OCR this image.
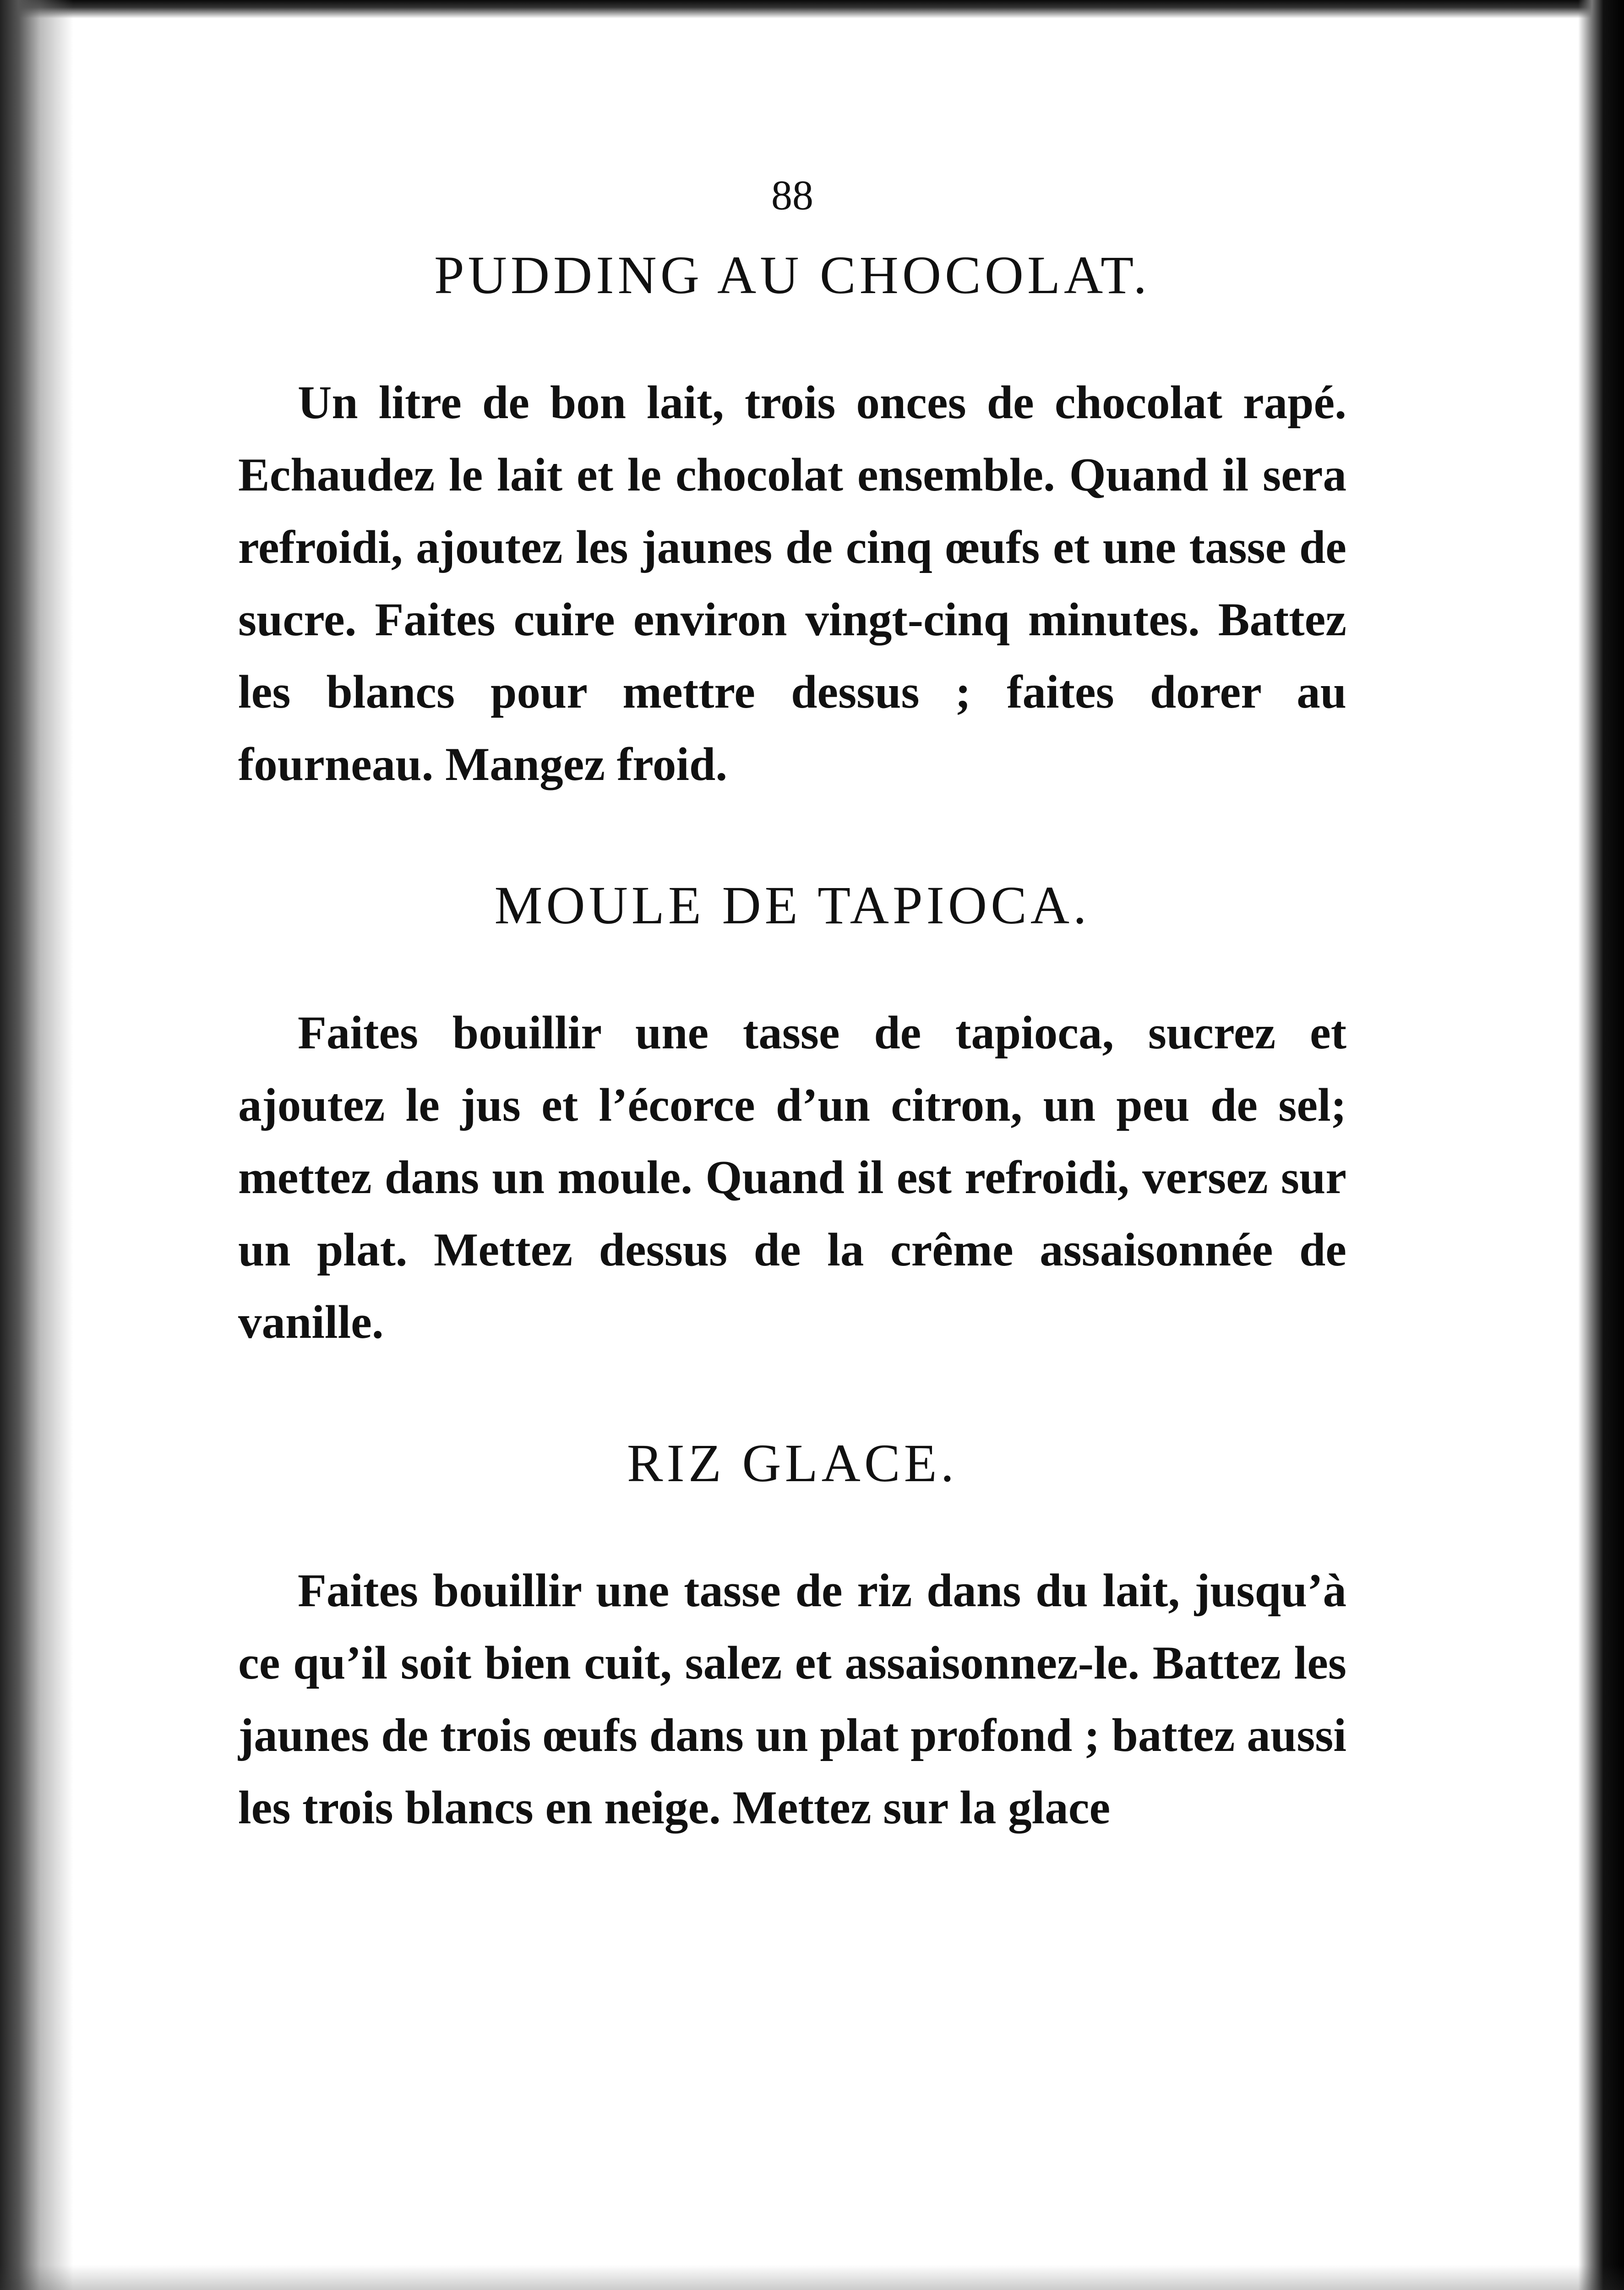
88
PUDDING AU CHOCOLAT.

Un litre de bon lait, trois onces de chocolat rapé. Echaudez le lait et le chocolat ensemble. Quand il sera refroidi, ajoutez les jaunes de cinq œufs et une tasse de sucre. Faites cuire environ vingt-cinq minutes. Battez les blancs pour mettre dessus ; faites dorer au fourneau. Mangez froid.

MOULE DE TAPIOCA.

Faites bouillir une tasse de tapioca, sucrez et ajoutez le jus et l’écorce d’un citron, un peu de sel; mettez dans un moule. Quand il est refroidi, versez sur un plat. Mettez dessus de la crême assaisonnée de vanille.

RIZ GLACE.

Faites bouillir une tasse de riz dans du lait, jusqu’à ce qu’il soit bien cuit, salez et assaisonnez-le. Battez les jaunes de trois œufs dans un plat profond ; battez aussi les trois blancs en neige. Mettez sur la glace
